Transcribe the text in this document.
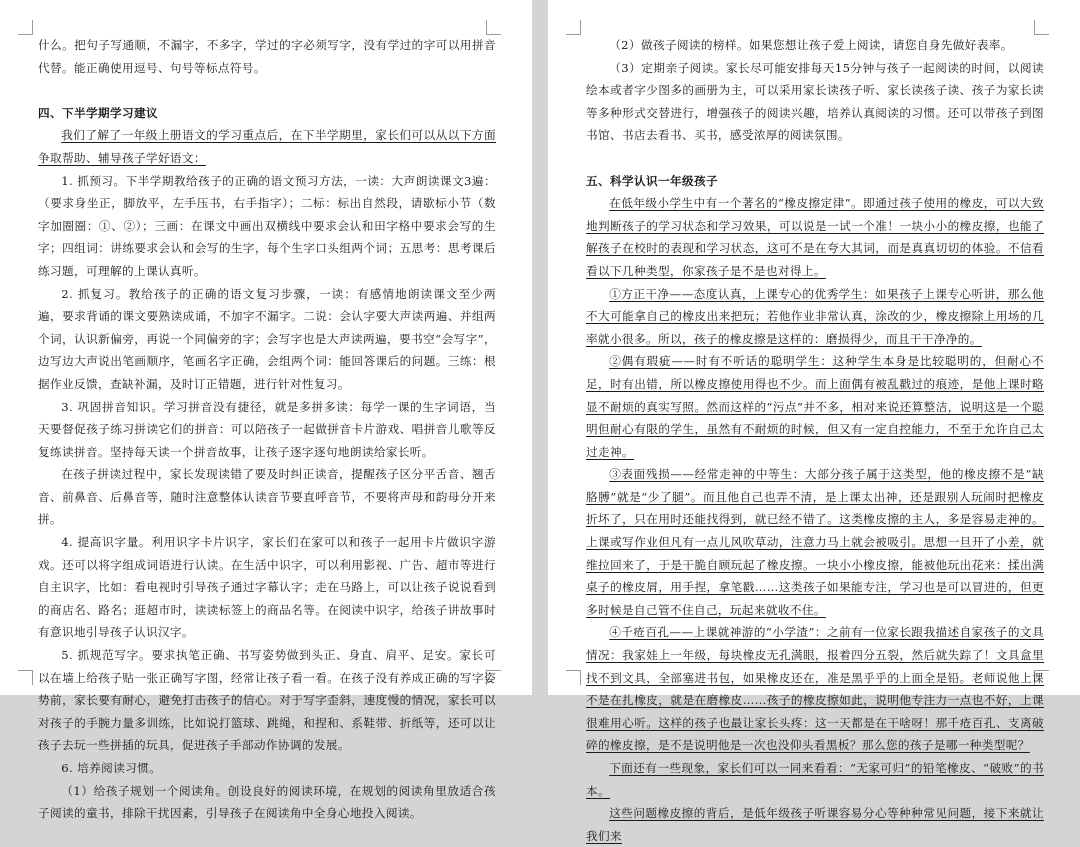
什么。把句子写通顺，不漏字，不多字，学过的字必须写字，没有学过的字可以用拼音代替。能正确使用逗号、句号等标点符号。

四、下半学期学习建议

我们了解了一年级上册语文的学习重点后，在下半学期里，家长们可以从以下方面争取帮助、辅导孩子学好语文：

1. 抓预习。下半学期教给孩子的正确的语文预习方法，一读：大声朗读课文3遍：（要求身坐正，脚放平，左手压书，右手指字）；二标：标出自然段，请歇标小节（数字加圈圈：①、②）；三画：在课文中画出双横线中要求会认和田字格中要求会写的生字；四组词：讲练要求会认和会写的生字，每个生字口头组两个词；五思考：思考课后练习题，可理解的上课认真听。

2. 抓复习。教给孩子的正确的语文复习步骤，一读：有感情地朗读课文至少两遍，要求背诵的课文要熟读成诵，不加字不漏字。二说：会认字要大声读两遍、并组两个词，认识新偏旁，再说一个同偏旁的字；会写字也是大声读两遍，要书空“会写字”，边写边大声说出笔画顺序，笔画名字正确，会组两个词：能回答课后的问题。三练：根据作业反馈，查缺补漏，及时订正错题，进行针对性复习。

3. 巩固拼音知识。学习拼音没有捷径，就是多拼多读：每学一课的生字词语，当天要督促孩子练习拼读它们的拼音：可以陪孩子一起做拼音卡片游戏、唱拼音儿歌等反复练读拼音。坚持每天读一个拼音故事，让孩子逐字逐句地朗读给家长听。

在孩子拼读过程中，家长发现读错了要及时纠正读音，提醒孩子区分平舌音、翘舌音、前鼻音、后鼻音等，随时注意整体认读音节要直呼音节，不要将声母和韵母分开来拼。

4. 提高识字量。利用识字卡片识字，家长们在家可以和孩子一起用卡片做识字游戏。还可以将字组成词语进行认读。在生活中识字，可以利用影视、广告、超市等进行自主识字，比如：看电视时引导孩子通过字幕认字；走在马路上，可以让孩子说说看到的商店名、路名；逛超市时，读读标签上的商品名等。在阅读中识字，给孩子讲故事时有意识地引导孩子认识汉字。

5. 抓规范写字。要求执笔正确、书写姿势做到头正、身直、肩平、足安。家长可以在墙上给孩子贴一张正确写字图，经常让孩子看一看。在孩子没有养成正确的写字姿势前，家长要有耐心，避免打击孩子的信心。对于写字歪斜，速度慢的情况，家长可以对孩子的手腕力量多训练，比如说打篮球、跳绳，和捏和、系鞋带、折纸等，还可以让孩子去玩一些拼插的玩具，促进孩子手部动作协调的发展。

6. 培养阅读习惯。

（1）给孩子规划一个阅读角。创设良好的阅读环境，在规划的阅读角里放适合孩子阅读的童书，排除干扰因素，引导孩子在阅读角中全身心地投入阅读。

（2）做孩子阅读的榜样。如果您想让孩子爱上阅读，请您自身先做好表率。

（3）定期亲子阅读。家长尽可能安排每天15分钟与孩子一起阅读的时间，以阅读绘本或者字少图多的画册为主，可以采用家长读孩子听、家长读孩子读、孩子为家长读等多种形式交替进行，增强孩子的阅读兴趣，培养认真阅读的习惯。还可以带孩子到图书馆、书店去看书、买书，感受浓厚的阅读氛围。

五、科学认识一年级孩子

在低年级小学生中有一个著名的“橡皮擦定律”。即通过孩子使用的橡皮，可以大致地判断孩子的学习状态和学习效果，可以说是一试一个准！一块小小的橡皮擦，也能了解孩子在校时的表现和学习状态，这可不是在夸大其词，而是真真切切的体验。不信看看以下几种类型，你家孩子是不是也对得上。

①方正干净——态度认真，上课专心的优秀学生：如果孩子上课专心听讲，那么他不大可能拿自己的橡皮出来把玩；若他作业非常认真，涂改的少，橡皮擦除上用场的几率就小很多。所以，孩子的橡皮擦是这样的：磨损得少，而且干干净净的。

②偶有瑕疵——时有不听话的聪明学生：这种学生本身是比较聪明的，但耐心不足，时有出错，所以橡皮擦使用得也不少。而上面偶有被乱戳过的痕迹，是他上课时略显不耐烦的真实写照。然而这样的“污点”并不多，相对来说还算整洁，说明这是一个聪明但耐心有限的学生，虽然有不耐烦的时候，但又有一定自控能力，不至于允许自己太过走神。

③表面残损——经常走神的中等生：大部分孩子属于这类型，他的橡皮擦不是“缺胳膊”就是“少了腿”。而且他自己也弄不清，是上课太出神，还是跟别人玩闹时把橡皮折坏了，只在用时还能找得到，就已经不错了。这类橡皮擦的主人，多是容易走神的。上课或写作业但凡有一点儿风吹草动，注意力马上就会被吸引。思想一旦开了小差，就维拉回来了，于是干脆自顾玩起了橡皮擦。一块小小橡皮擦，能被他玩出花来：揉出满桌子的橡皮屑，用手捏，拿笔戳……这类孩子如果能专注，学习也是可以冒进的，但更多时候是自己管不住自己，玩起来就收不住。

④千疮百孔——上课就神游的“小学渣”：之前有一位家长跟我描述自家孩子的文具情况：我家娃上一年级，每块橡皮无孔满眼，报着四分五裂，然后就失踪了！文具盒里找不到文具，全部塞进书包，如果橡皮还在，准是黑乎乎的上面全是铅。老师说他上课不是在扎橡皮，就是在磨橡皮……孩子的橡皮擦如此，说明他专注力一点也不好，上课很难用心听。这样的孩子也最让家长头疼：这一天都是在干啥呀！那千疮百孔、支离破碎的橡皮擦，是不是说明他是一次也没仰头看黑板？那么您的孩子是哪一种类型呢？

下面还有一些现象，家长们可以一同来看看：“无家可归”的铅笔橡皮、“破败”的书本。

这些问题橡皮擦的背后，是低年级孩子听课容易分心等种种常见问题，接下来就让我们来
